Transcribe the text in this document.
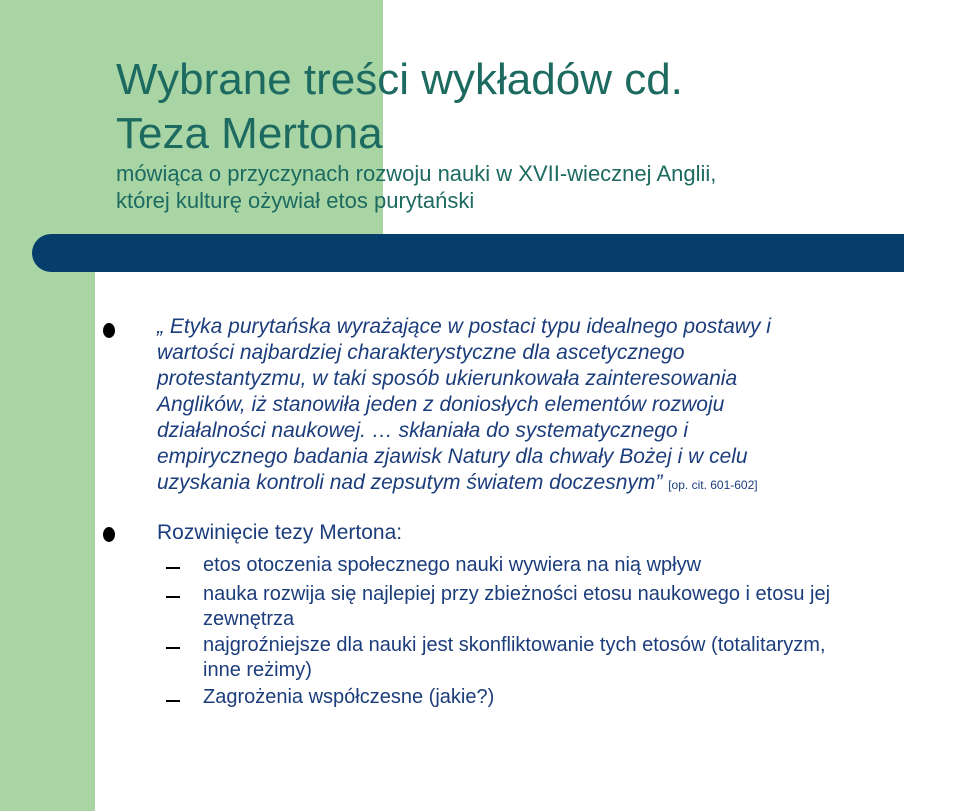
Wybrane treści wykładów cd.
Teza Mertona
mówiąca o przyczynach rozwoju nauki w XVII-wiecznej Anglii,
której kulturę ożywiał etos purytański
„ Etyka purytańska wyrażające w postaci typu idealnego postawy i
wartości najbardziej charakterystyczne dla ascetycznego
protestantyzmu, w taki sposób ukierunkowała zainteresowania
Anglików, iż stanowiła jeden z doniosłych elementów rozwoju
działalności naukowej. … skłaniała do systematycznego i
empirycznego badania zjawisk Natury dla chwały Bożej i w celu
uzyskania kontroli nad zepsutym światem doczesnym” [op. cit. 601-602]
Rozwinięcie tezy Mertona:
etos otoczenia społecznego nauki wywiera na nią wpływ
nauka rozwija się najlepiej przy zbieżności etosu naukowego i etosu jej
zewnętrza
najgroźniejsze dla nauki jest skonfliktowanie tych etosów (totalitaryzm,
inne reżimy)
Zagrożenia współczesne (jakie?)
